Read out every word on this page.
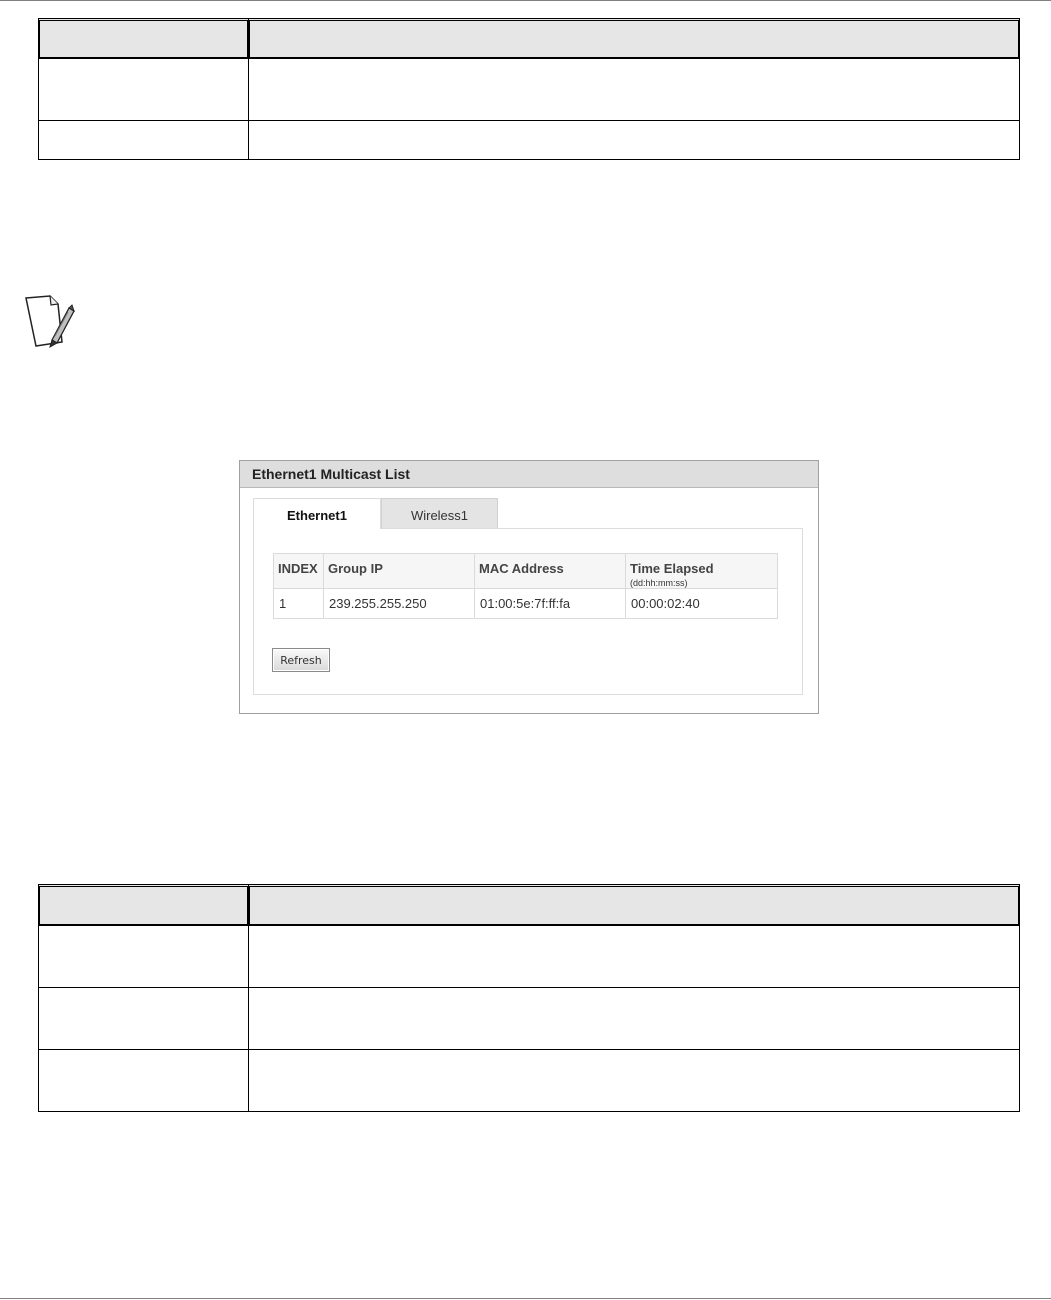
Ethernet1 Multicast List
Ethernet1	Wireless1
INDEX	Group IP	MAC Address	Time Elapsed
(dd:hh:mm:ss)

1	239.255.255.250	01:00:5e:7f:ff:fa	00:00:02:40
Refresh
